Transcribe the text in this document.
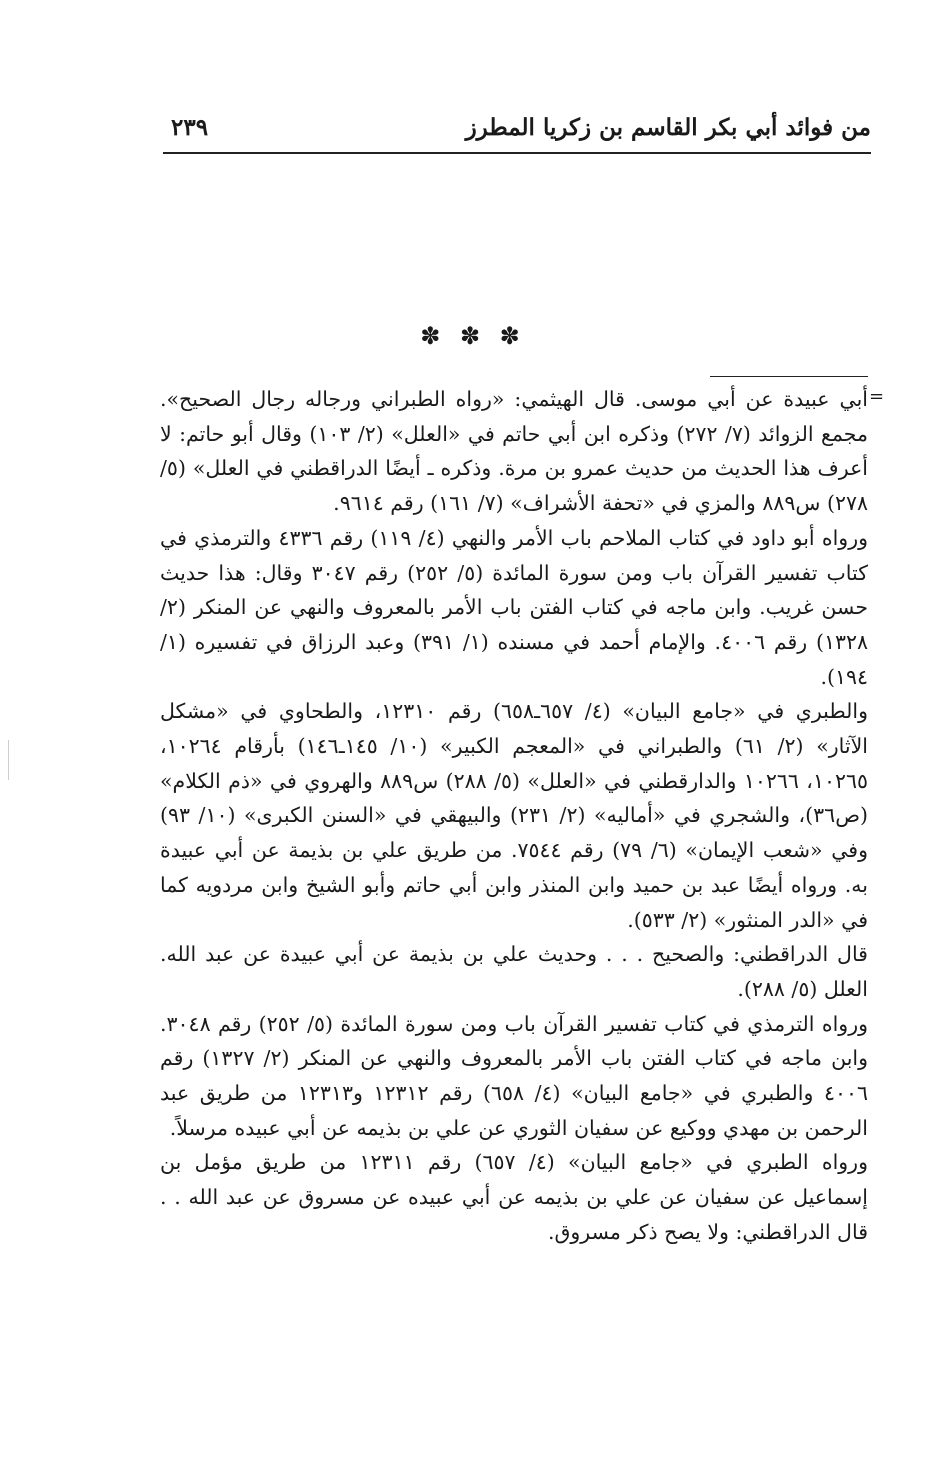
من فوائد أبي بكر القاسم بن زكريا المطرز
٢٣٩
✽ ✽ ✽
=

أبي عبيدة عن أبي موسى. قال الهيثمي: «رواه الطبراني ورجاله رجال الصحيح». مجمع الزوائد (٧/ ٢٧٢) وذكره ابن أبي حاتم في «العلل» (٢/ ١٠٣) وقال أبو حاتم: لا أعرف هذا الحديث من حديث عمرو بن مرة. وذكره ـ أيضًا الدراقطني في العلل» (٥/ ٢٧٨) س٨٨٩ والمزي في «تحفة الأشراف» (٧/ ١٦١) رقم ٩٦١٤.

ورواه أبو داود في كتاب الملاحم باب الأمر والنهي (٤/ ١١٩) رقم ٤٣٣٦ والترمذي في كتاب تفسير القرآن باب ومن سورة المائدة (٥/ ٢٥٢) رقم ٣٠٤٧ وقال: هذا حديث حسن غريب. وابن ماجه في كتاب الفتن باب الأمر بالمعروف والنهي عن المنكر (٢/ ١٣٢٨) رقم ٤٠٠٦. والإمام أحمد في مسنده (١/ ٣٩١) وعبد الرزاق في تفسيره (١/ ١٩٤).

والطبري في «جامع البيان» (٤/ ٦٥٧ـ٦٥٨) رقم ١٢٣١٠، والطحاوي في «مشكل الآثار» (٢/ ٦١) والطبراني في «المعجم الكبير» (١٠/ ١٤٥ـ١٤٦) بأرقام ١٠٢٦٤، ١٠٢٦٥، ١٠٢٦٦ والدارقطني في «العلل» (٥/ ٢٨٨) س٨٨٩ والهروي في «ذم الكلام» (ص٣٦)، والشجري في «أماليه» (٢/ ٢٣١) والبيهقي في «السنن الكبرى» (١٠/ ٩٣) وفي «شعب الإيمان» (٦/ ٧٩) رقم ٧٥٤٤. من طريق علي بن بذيمة عن أبي عبيدة به. ورواه أيضًا عبد بن حميد وابن المنذر وابن أبي حاتم وأبو الشيخ وابن مردويه كما في «الدر المنثور» (٢/ ٥٣٣).

قال الدراقطني: والصحيح . . . وحديث علي بن بذيمة عن أبي عبيدة عن عبد الله. العلل (٥/ ٢٨٨).

ورواه الترمذي في كتاب تفسير القرآن باب ومن سورة المائدة (٥/ ٢٥٢) رقم ٣٠٤٨. وابن ماجه في كتاب الفتن باب الأمر بالمعروف والنهي عن المنكر (٢/ ١٣٢٧) رقم ٤٠٠٦ والطبري في «جامع البيان» (٤/ ٦٥٨) رقم ١٢٣١٢ و١٢٣١٣ من طريق عبد الرحمن بن مهدي ووكيع عن سفيان الثوري عن علي بن بذيمه عن أبي عبيده مرسلاً.

ورواه الطبري في «جامع البيان» (٤/ ٦٥٧) رقم ١٢٣١١ من طريق مؤمل بن إسماعيل عن سفيان عن علي بن بذيمه عن أبي عبيده عن مسروق عن عبد الله . . قال الدراقطني: ولا يصح ذكر مسروق.
